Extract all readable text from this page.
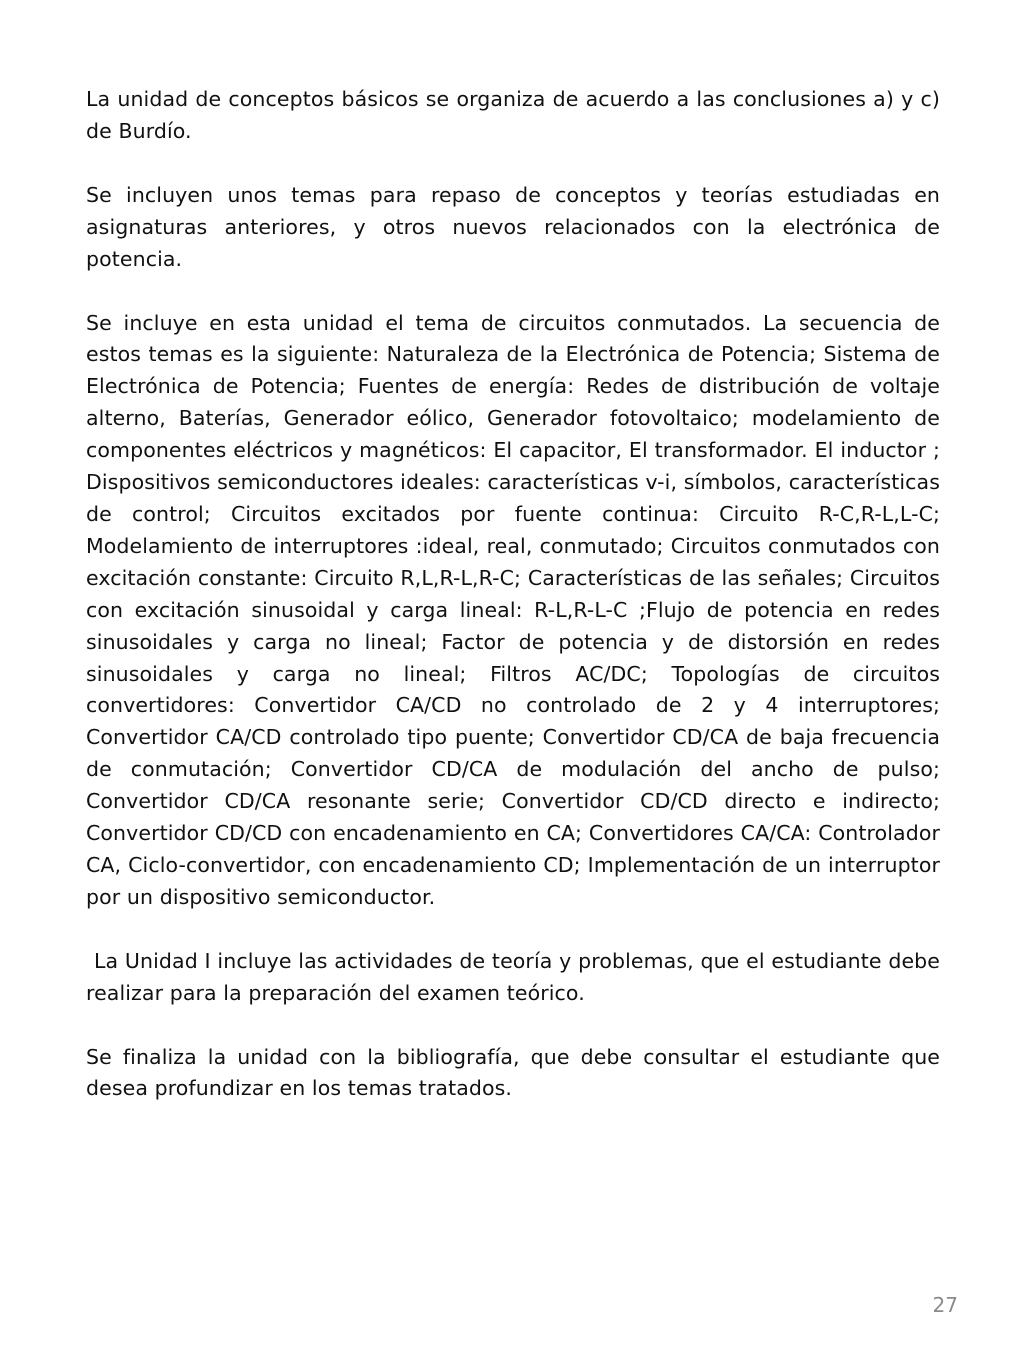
La unidad de conceptos básicos se organiza de acuerdo a las conclusiones a) y c) de Burdío.

Se incluyen unos temas para repaso de conceptos y teorías estudiadas en asignaturas anteriores, y otros nuevos relacionados con la electrónica de potencia.

Se incluye en esta unidad el tema de circuitos conmutados. La secuencia de estos temas es la siguiente: Naturaleza de la Electrónica de Potencia; Sistema de Electrónica de Potencia; Fuentes de energía: Redes de distribución de voltaje alterno, Baterías, Generador eólico, Generador fotovoltaico; modelamiento de componentes eléctricos y magnéticos: El capacitor, El transformador. El inductor ; Dispositivos semiconductores ideales: características v-i, símbolos, características de control; Circuitos excitados por fuente continua: Circuito R-C,R-L,L-C; Modelamiento de interruptores :ideal, real, conmutado; Circuitos conmutados con excitación constante: Circuito R,L,R-L,R-C; Características de las señales; Circuitos con excitación sinusoidal y carga lineal: R-L,R-L-C ;Flujo de potencia en redes sinusoidales y carga no lineal; Factor de potencia y de distorsión en redes sinusoidales y carga no lineal; Filtros AC/DC; Topologías de circuitos convertidores: Convertidor CA/CD no controlado de 2 y 4 interruptores; Convertidor CA/CD controlado tipo puente; Convertidor CD/CA de baja frecuencia de conmutación; Convertidor CD/CA de modulación del ancho de pulso; Convertidor CD/CA resonante serie; Convertidor CD/CD directo e indirecto; Convertidor CD/CD con encadenamiento en CA; Convertidores CA/CA: Controlador CA, Ciclo-convertidor, con encadenamiento CD; Implementación de un interruptor por un dispositivo semiconductor.

La Unidad I incluye las actividades de teoría y problemas, que el estudiante debe realizar para la preparación del examen teórico.

Se finaliza la unidad con la bibliografía, que debe consultar el estudiante que desea profundizar en los temas tratados.

27
